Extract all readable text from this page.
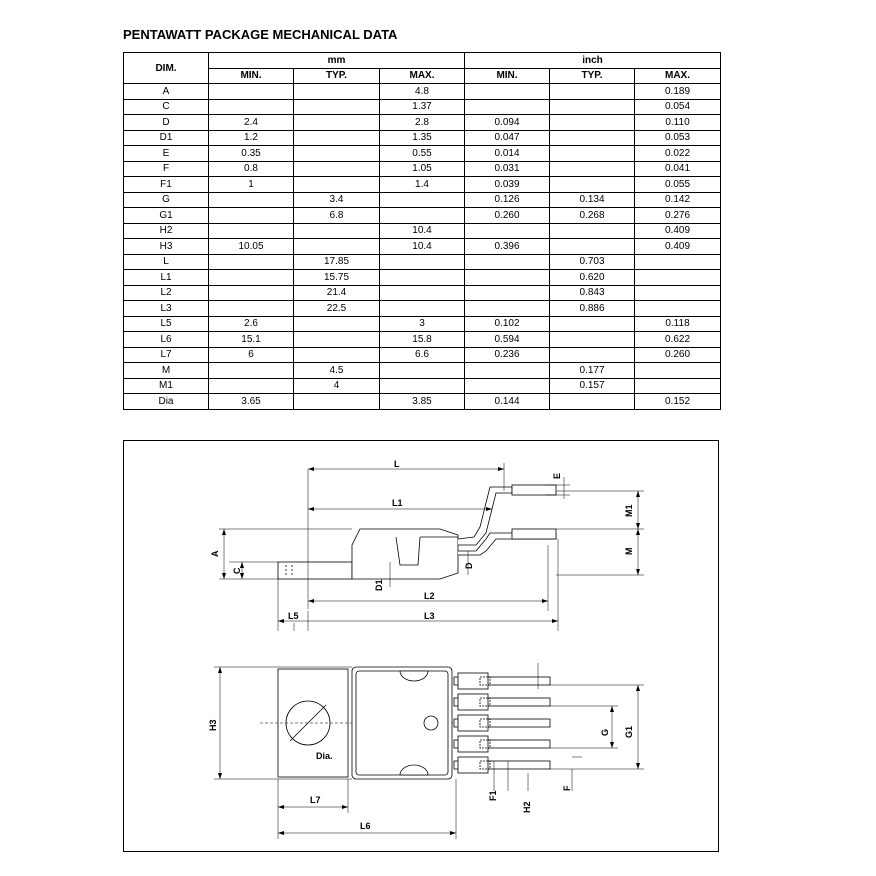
PENTAWATT PACKAGE MECHANICAL DATA
DIM.	mm			inch		
	MIN.	TYP.	MAX.	MIN.	TYP.	MAX.
A			4.8			0.189
C			1.37			0.054
D	2.4		2.8	0.094		0.110
D1	1.2		1.35	0.047		0.053
E	0.35		0.55	0.014		0.022
F	0.8		1.05	0.031		0.041
F1	1		1.4	0.039		0.055
G		3.4		0.126	0.134	0.142
G1		6.8		0.260	0.268	0.276
H2			10.4			0.409
H3	10.05		10.4	0.396		0.409
L		17.85			0.703	
L1		15.75			0.620	
L2		21.4			0.843	
L3		22.5			0.886	
L5	2.6		3	0.102		0.118
L6	15.1		15.8	0.594		0.622
L7	6		6.6	0.236		0.260
M		4.5			0.177	
M1		4			0.157	
Dia	3.65		3.85	0.144		0.152
L
L1
L2
L3
L5
A
C
D
D1
E
M
M1
H3
Dia.
L7
L6
G G1
F1
H2
F
